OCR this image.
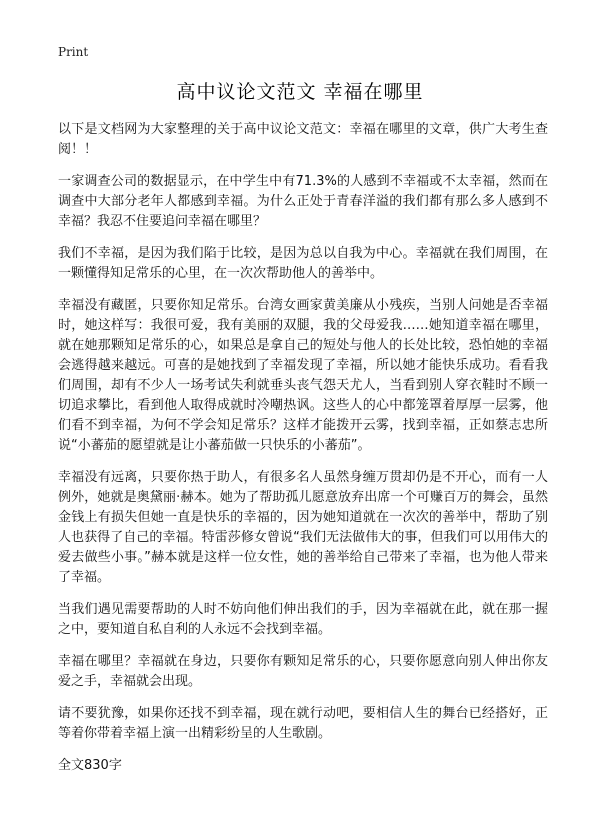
Print
高中议论文范文 幸福在哪里

以下是文档网为大家整理的关于高中议论文范文：幸福在哪里的文章，供广大考生查阅！！

一家调查公司的数据显示，在中学生中有71.3%的人感到不幸福或不太幸福，然而在调查中大部分老年人都感到幸福。为什么正处于青春洋溢的我们都有那么多人感到不幸福？我忍不住要追问幸福在哪里？

我们不幸福，是因为我们陷于比较，是因为总以自我为中心。幸福就在我们周围，在一颗懂得知足常乐的心里，在一次次帮助他人的善举中。

幸福没有藏匿，只要你知足常乐。台湾女画家黄美廉从小残疾，当别人问她是否幸福时，她这样写：我很可爱，我有美丽的双腿，我的父母爱我……她知道幸福在哪里，就在她那颗知足常乐的心，如果总是拿自己的短处与他人的长处比较，恐怕她的幸福会逃得越来越远。可喜的是她找到了幸福发现了幸福，所以她才能快乐成功。看看我们周围，却有不少人一场考试失利就垂头丧气怨天尤人，当看到别人穿衣鞋时不顾一切追求攀比，看到他人取得成就时冷嘲热讽。这些人的心中都笼罩着厚厚一层雾，他们看不到幸福，为何不学会知足常乐？这样才能拨开云雾，找到幸福，正如蔡志忠所说“小蕃茄的愿望就是让小蕃茄做一只快乐的小蕃茄”。

幸福没有远离，只要你热于助人，有很多名人虽然身缠万贯却仍是不开心，而有一人例外，她就是奥黛丽·赫本。她为了帮助孤儿愿意放弃出席一个可赚百万的舞会，虽然金钱上有损失但她一直是快乐的幸福的，因为她知道就在一次次的善举中，帮助了别人也获得了自己的幸福。特雷莎修女曾说“我们无法做伟大的事，但我们可以用伟大的爱去做些小事。”赫本就是这样一位女性，她的善举给自己带来了幸福，也为他人带来了幸福。

当我们遇见需要帮助的人时不妨向他们伸出我们的手，因为幸福就在此，就在那一握之中，要知道自私自利的人永远不会找到幸福。

幸福在哪里？幸福就在身边，只要你有颗知足常乐的心，只要你愿意向别人伸出你友爱之手，幸福就会出现。

请不要犹豫，如果你还找不到幸福，现在就行动吧，要相信人生的舞台已经搭好，正等着你带着幸福上演一出精彩纷呈的人生歌剧。

全文830字
